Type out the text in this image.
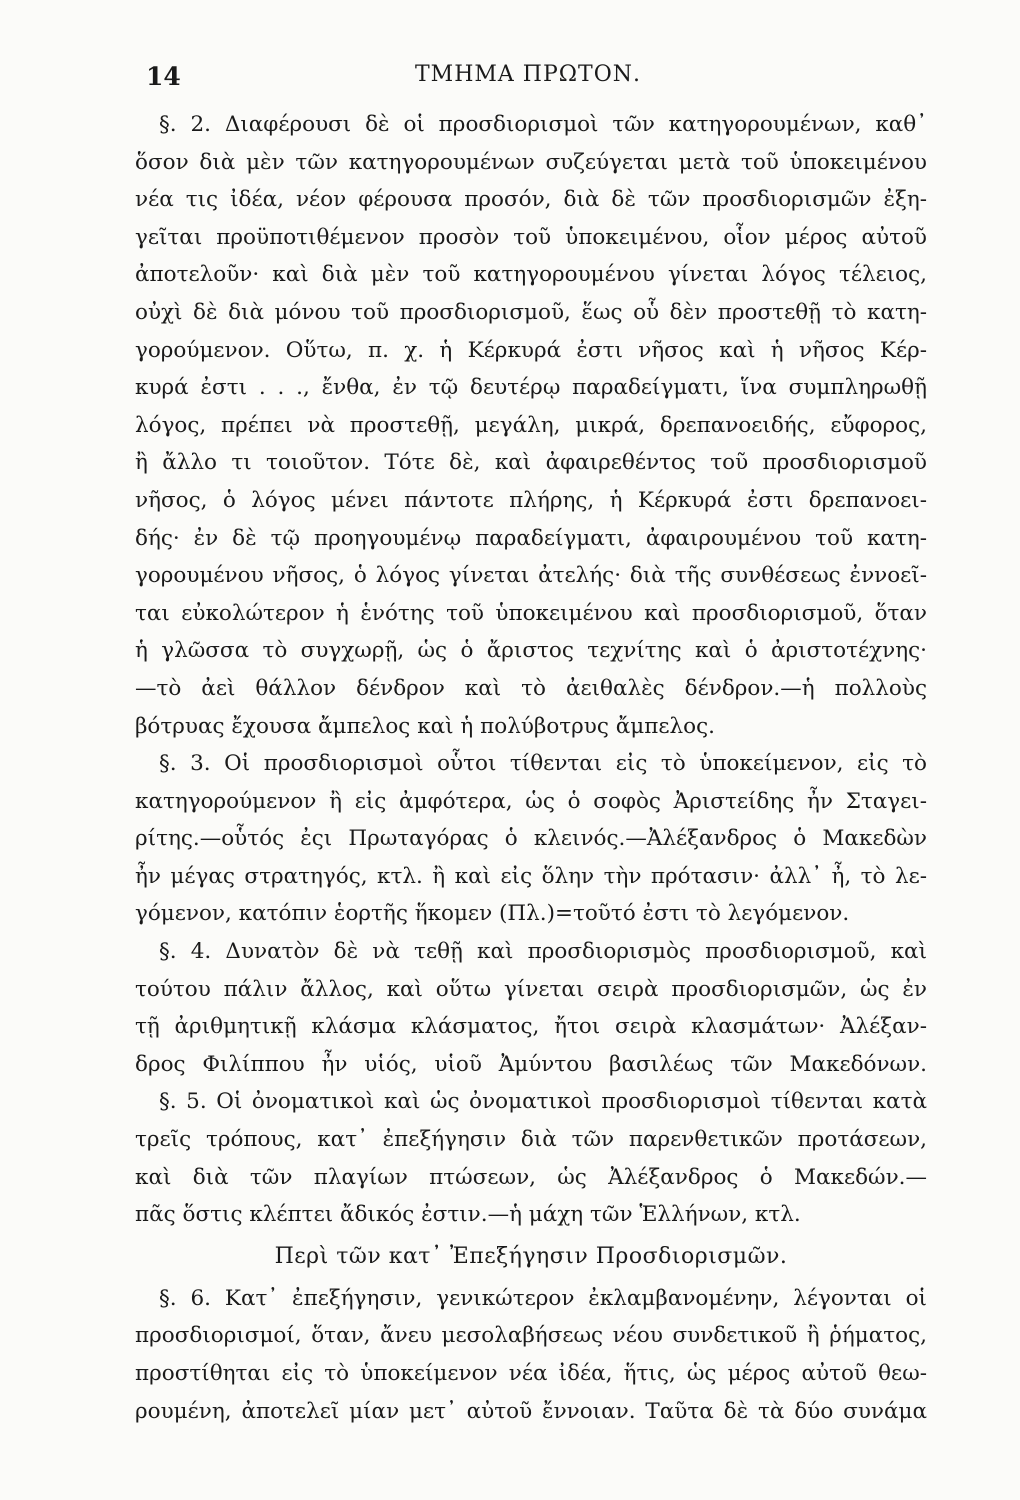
14	ΤΜΗΜΑ ΠΡΩΤΟΝ.
§. 2. Διαφέρουσι δὲ οἱ προσδιορισμοὶ τῶν κατηγορουμένων, καθ᾽
ὅσον διὰ μὲν τῶν κατηγορουμένων συζεύγεται μετὰ τοῦ ὑποκειμένου
νέα τις ἰδέα, νέον φέρουσα προσόν, διὰ δὲ τῶν προσδιορισμῶν ἐξη-
γεῖται προϋποτιθέμενον προσὸν τοῦ ὑποκειμένου, οἷον μέρος αὐτοῦ
ἀποτελοῦν· καὶ διὰ μὲν τοῦ κατηγορουμένου γίνεται λόγος τέλειος,
οὐχὶ δὲ διὰ μόνου τοῦ προσδιορισμοῦ, ἕως οὗ δὲν προστεθῇ τὸ κατη-
γορούμενον. Οὕτω, π. χ. ἡ Κέρκυρά ἐστι νῆσος καὶ ἡ νῆσος Κέρ-
κυρά ἐστι . . ., ἔνθα, ἐν τῷ δευτέρῳ παραδείγματι, ἵνα συμπληρωθῇ
λόγος, πρέπει νὰ προστεθῇ, μεγάλη, μικρά, δρεπανοειδής, εὔφορος,
ἢ ἄλλο τι τοιοῦτον. Τότε δὲ, καὶ ἀφαιρεθέντος τοῦ προσδιορισμοῦ
νῆσος, ὁ λόγος μένει πάντοτε πλήρης, ἡ Κέρκυρά ἐστι δρεπανοει-
δής· ἐν δὲ τῷ προηγουμένῳ παραδείγματι, ἀφαιρουμένου τοῦ κατη-
γορουμένου νῆσος, ὁ λόγος γίνεται ἀτελής· διὰ τῆς συνθέσεως ἐννοεῖ-
ται εὐκολώτερον ἡ ἑνότης τοῦ ὑποκειμένου καὶ προσδιορισμοῦ, ὅταν
ἡ γλῶσσα τὸ συγχωρῇ, ὡς ὁ ἄριστος τεχνίτης καὶ ὁ ἀριστοτέχνης·
—τὸ ἀεὶ θάλλον δένδρον καὶ τὸ ἀειθαλὲς δένδρον.—ἡ πολλοὺς
βότρυας ἔχουσα ἄμπελος καὶ ἡ πολύβοτρυς ἄμπελος.
§. 3. Οἱ προσδιορισμοὶ οὗτοι τίθενται εἰς τὸ ὑποκείμενον, εἰς τὸ
κατηγορούμενον ἢ εἰς ἀμφότερα, ὡς ὁ σοφὸς Ἀριστείδης ἦν Σταγει-
ρίτης.—οὗτός ἐςι Πρωταγόρας ὁ κλεινός.—Ἀλέξανδρος ὁ Μακεδὼν
ἦν μέγας στρατηγός, κτλ. ἢ καὶ εἰς ὅλην τὴν πρότασιν· ἀλλ᾽ ἦ, τὸ λε-
γόμενον, κατόπιν ἑορτῆς ἥκομεν (Πλ.)=τοῦτό ἐστι τὸ λεγόμενον.
§. 4. Δυνατὸν δὲ νὰ τεθῇ καὶ προσδιορισμὸς προσδιορισμοῦ, καὶ
τούτου πάλιν ἄλλος, καὶ οὕτω γίνεται σειρὰ προσδιορισμῶν, ὡς ἐν
τῇ ἀριθμητικῇ κλάσμα κλάσματος, ἤτοι σειρὰ κλασμάτων· Ἀλέξαν-
δρος Φιλίππου ἦν υἱός, υἱοῦ Ἀμύντου βασιλέως τῶν Μακεδόνων.
§. 5. Οἱ ὀνοματικοὶ καὶ ὡς ὀνοματικοὶ προσδιορισμοὶ τίθενται κατὰ
τρεῖς τρόπους, κατ᾽ ἐπεξήγησιν διὰ τῶν παρενθετικῶν προτάσεων,
καὶ διὰ τῶν πλαγίων πτώσεων, ὡς Ἀλέξανδρος ὁ Μακεδών.—
πᾶς ὅστις κλέπτει ἄδικός ἐστιν.—ἡ μάχη τῶν Ἑλλήνων, κτλ.
Περὶ τῶν κατ᾽ Ἐπεξήγησιν Προσδιορισμῶν.
§. 6. Κατ᾽ ἐπεξήγησιν, γενικώτερον ἐκλαμβανομένην, λέγονται οἱ
προσδιορισμοί, ὅταν, ἄνευ μεσολαβήσεως νέου συνδετικοῦ ἢ ῥήματος,
προστίθηται εἰς τὸ ὑποκείμενον νέα ἰδέα, ἥτις, ὡς μέρος αὐτοῦ θεω-
ρουμένη, ἀποτελεῖ μίαν μετ᾽ αὐτοῦ ἔννοιαν. Ταῦτα δὲ τὰ δύο συνάμα
